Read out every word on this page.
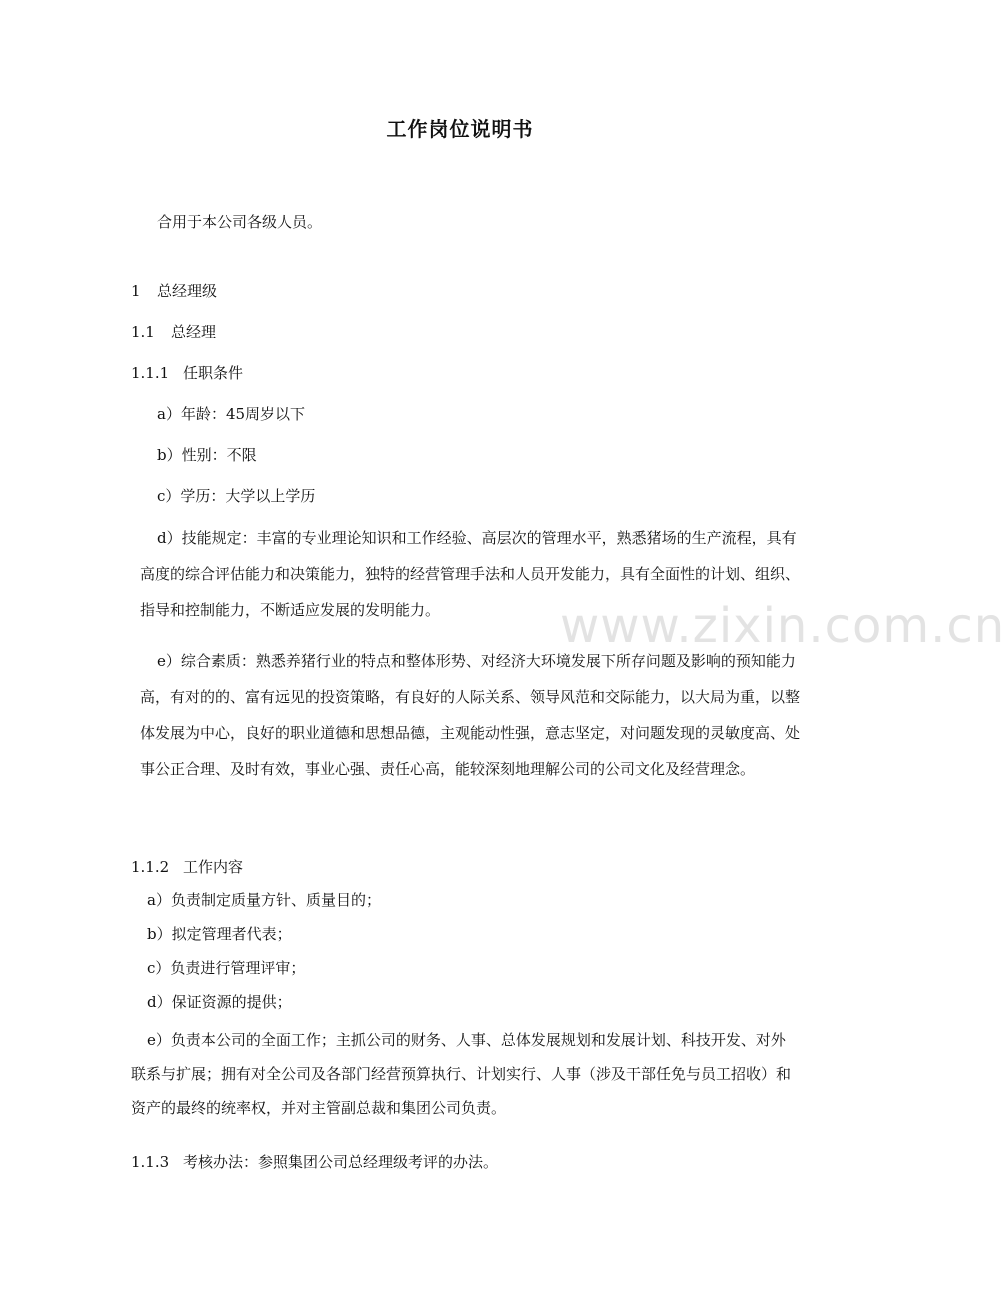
工作岗位说明书
合用于本公司各级人员。
1 总经理级
1.1 总经理
1.1.1 任职条件
a）年龄：45周岁以下
b）性别：不限
c）学历：大学以上学历
d）技能规定：丰富的专业理论知识和工作经验、高层次的管理水平，熟悉猪场的生产流程，具有高度的综合评估能力和决策能力，独特的经营管理手法和人员开发能力，具有全面性的计划、组织、指导和控制能力，不断适应发展的发明能力。
e）综合素质：熟悉养猪行业的特点和整体形势、对经济大环境发展下所存问题及影响的预知能力高，有对的的、富有远见的投资策略，有良好的人际关系、领导风范和交际能力，以大局为重，以整体发展为中心，良好的职业道德和思想品德，主观能动性强，意志坚定，对问题发现的灵敏度高、处事公正合理、及时有效，事业心强、责任心高，能较深刻地理解公司的公司文化及经营理念。
1.1.2 工作内容
a）负责制定质量方针、质量目的；
b）拟定管理者代表；
c）负责进行管理评审；
d）保证资源的提供；
e）负责本公司的全面工作；主抓公司的财务、人事、总体发展规划和发展计划、科技开发、对外联系与扩展；拥有对全公司及各部门经营预算执行、计划实行、人事（涉及干部任免与员工招收）和资产的最终的统率权，并对主管副总裁和集团公司负责。
1.1.3 考核办法：参照集团公司总经理级考评的办法。
www.zixin.com.cn
